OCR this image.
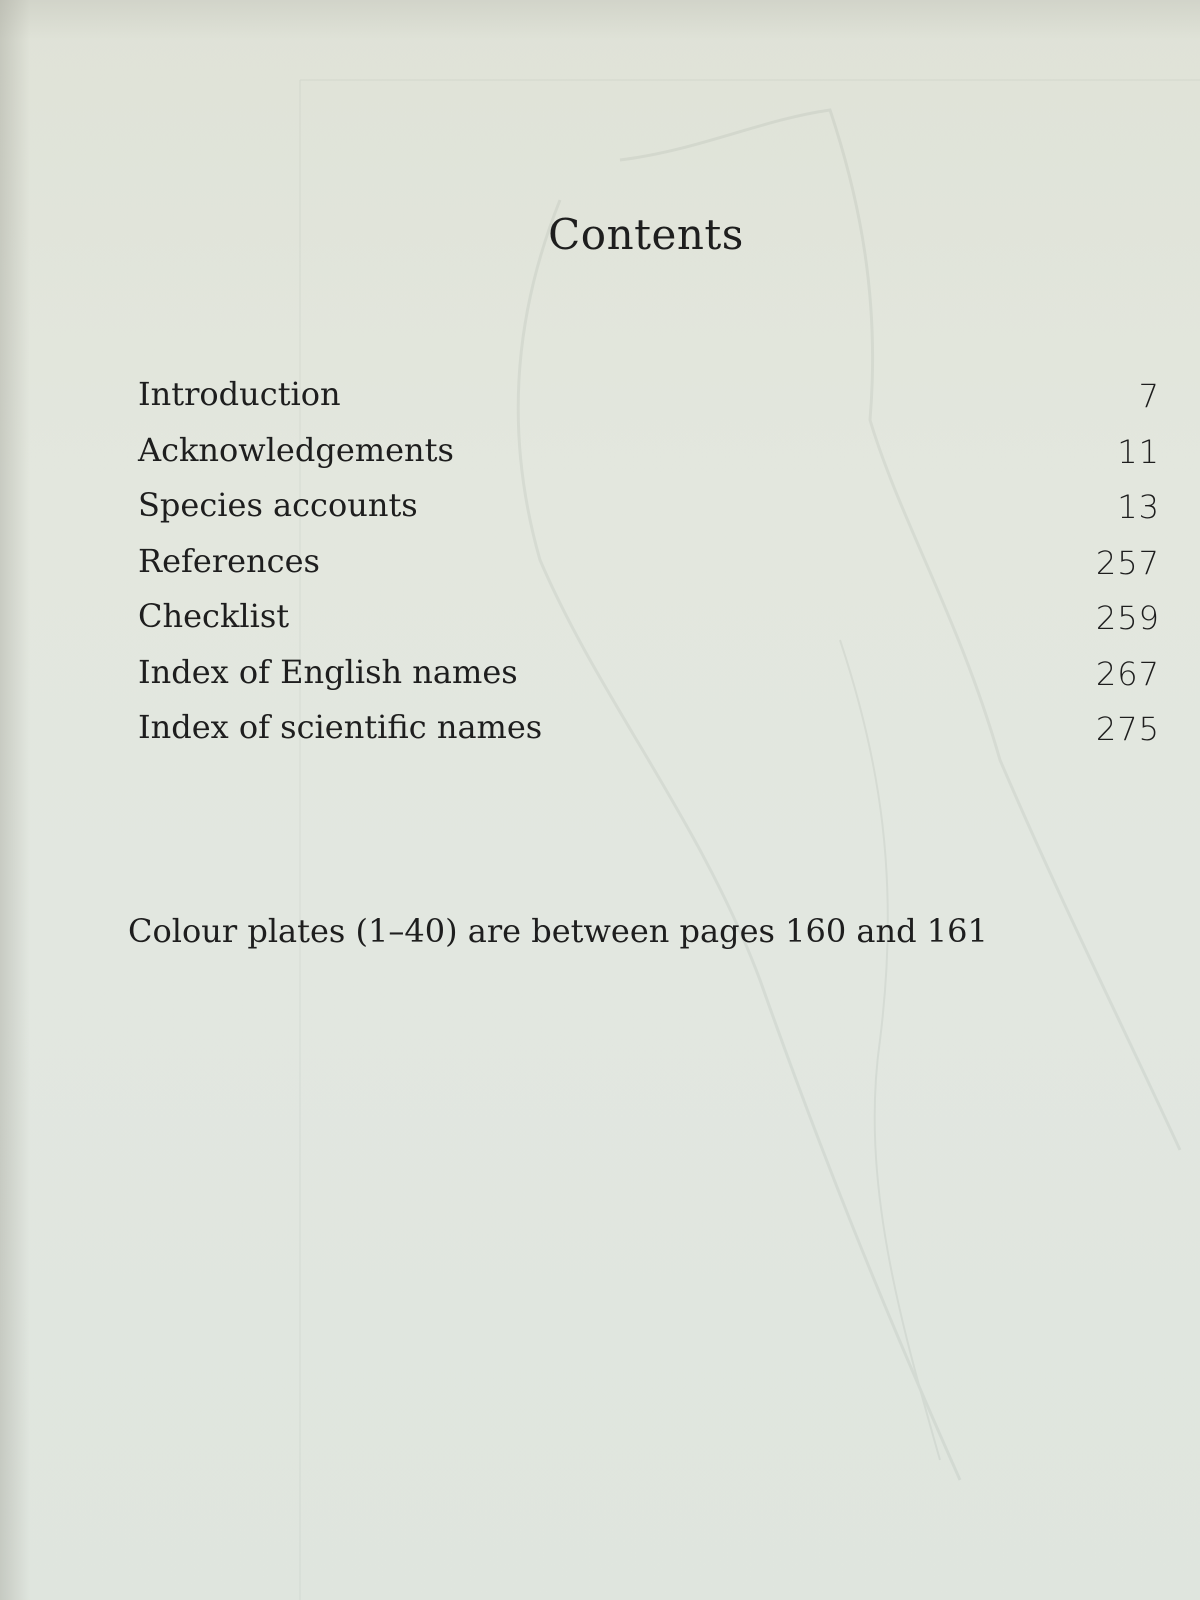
Contents
Introduction	7
Acknowledgements	11
Species accounts	13
References	257
Checklist	259
Index of English names	267
Index of scientific names	275
Colour plates (1–40) are between pages 160 and 161
